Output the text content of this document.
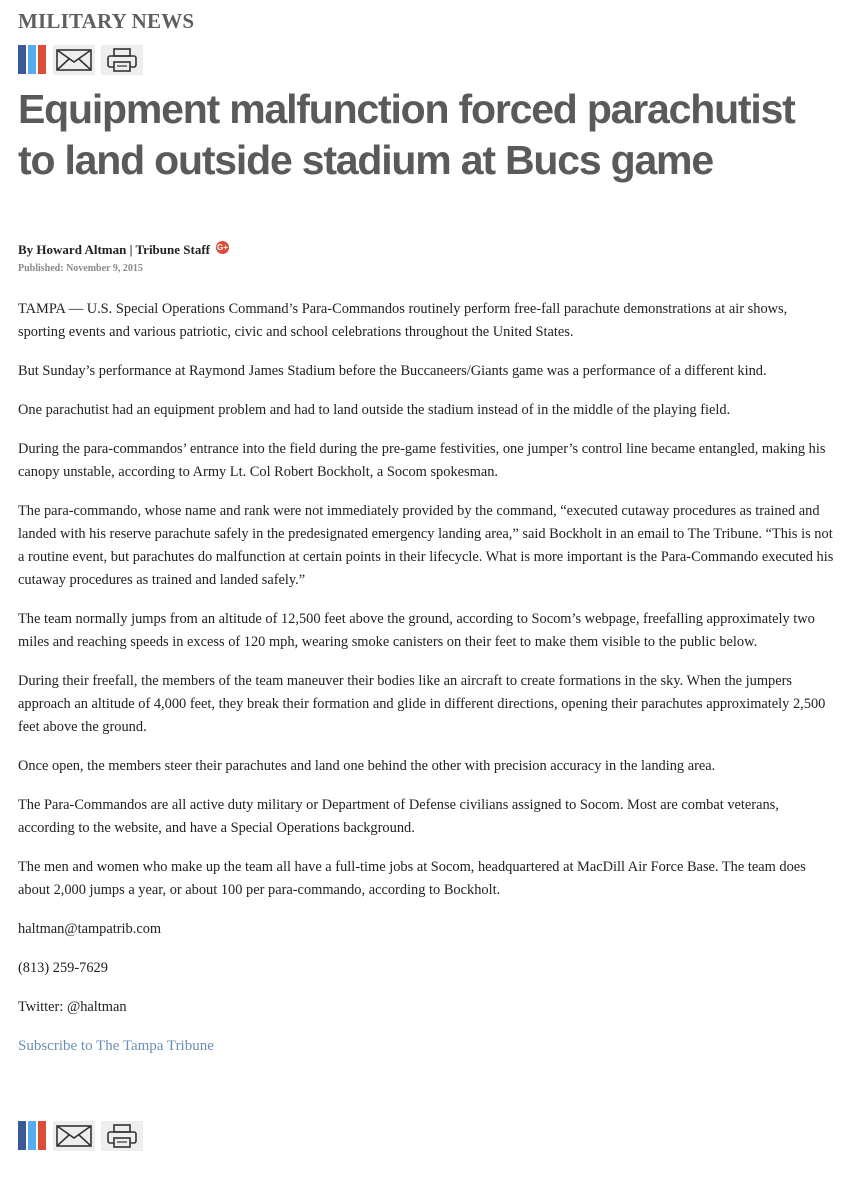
MILITARY NEWS
Equipment malfunction forced parachutist to land outside stadium at Bucs game
By Howard Altman | Tribune Staff G+
Published: November 9, 2015

TAMPA — U.S. Special Operations Command’s Para-Commandos routinely perform free-fall parachute demonstrations at air shows, sporting events and various patriotic, civic and school celebrations throughout the United States.

But Sunday’s performance at Raymond James Stadium before the Buccaneers/Giants game was a performance of a different kind.

One parachutist had an equipment problem and had to land outside the stadium instead of in the middle of the playing field.

During the para-commandos’ entrance into the field during the pre-game festivities, one jumper’s control line became entangled, making his canopy unstable, according to Army Lt. Col Robert Bockholt, a Socom spokesman.

The para-commando, whose name and rank were not immediately provided by the command, “executed cutaway procedures as trained and landed with his reserve parachute safely in the predesignated emergency landing area,” said Bockholt in an email to The Tribune. “This is not a routine event, but parachutes do malfunction at certain points in their lifecycle. What is more important is the Para-Commando executed his cutaway procedures as trained and landed safely.”

The team normally jumps from an altitude of 12,500 feet above the ground, according to Socom’s webpage, freefalling approximately two miles and reaching speeds in excess of 120 mph, wearing smoke canisters on their feet to make them visible to the public below.

During their freefall, the members of the team maneuver their bodies like an aircraft to create formations in the sky. When the jumpers approach an altitude of 4,000 feet, they break their formation and glide in different directions, opening their parachutes approximately 2,500 feet above the ground.

Once open, the members steer their parachutes and land one behind the other with precision accuracy in the landing area.

The Para-Commandos are all active duty military or Department of Defense civilians assigned to Socom. Most are combat veterans, according to the website, and have a Special Operations background.

The men and women who make up the team all have a full-time jobs at Socom, headquartered at MacDill Air Force Base. The team does about 2,000 jumps a year, or about 100 per para-commando, according to Bockholt.

haltman@tampatrib.com

(813) 259-7629

Twitter: @haltman

Subscribe to The Tampa Tribune
